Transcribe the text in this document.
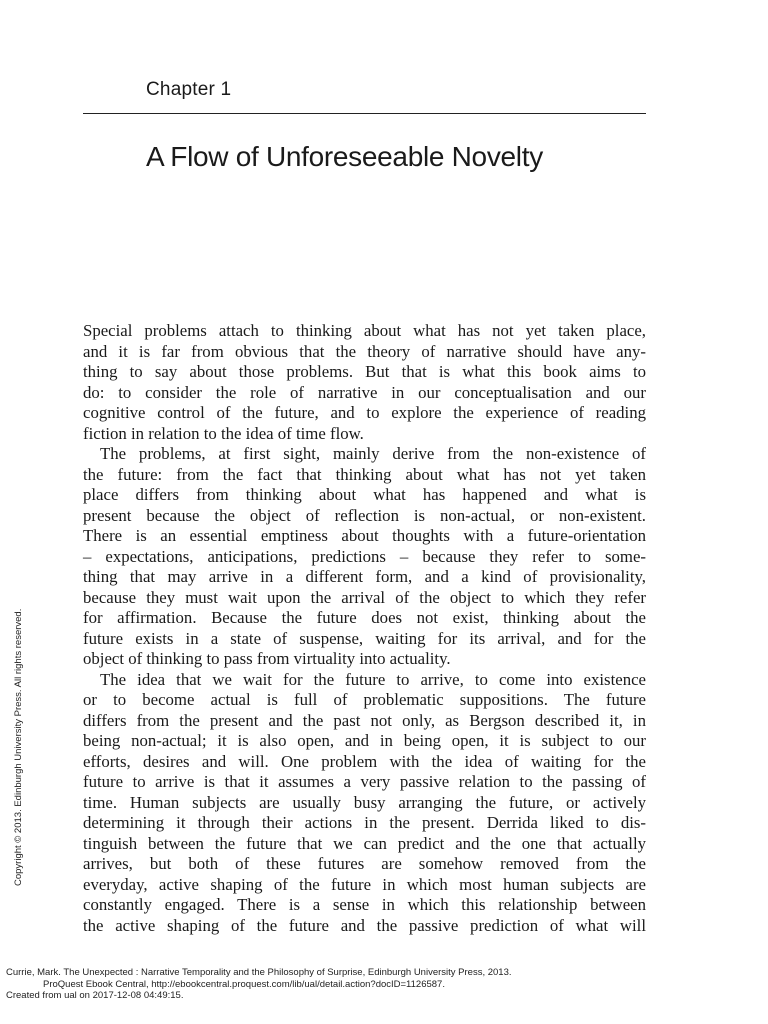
Chapter 1
A Flow of Unforeseeable Novelty

Special problems attach to thinking about what has not yet taken place,
and it is far from obvious that the theory of narrative should have any-
thing to say about those problems. But that is what this book aims to
do: to consider the role of narrative in our conceptualisation and our
cognitive control of the future, and to explore the experience of reading
fiction in relation to the idea of time flow.

The problems, at first sight, mainly derive from the non-existence of
the future: from the fact that thinking about what has not yet taken
place differs from thinking about what has happened and what is
present because the object of reflection is non-actual, or non-existent.
There is an essential emptiness about thoughts with a future-orientation
– expectations, anticipations, predictions – because they refer to some-
thing that may arrive in a different form, and a kind of provisionality,
because they must wait upon the arrival of the object to which they refer
for affirmation. Because the future does not exist, thinking about the
future exists in a state of suspense, waiting for its arrival, and for the
object of thinking to pass from virtuality into actuality.

The idea that we wait for the future to arrive, to come into existence
or to become actual is full of problematic suppositions. The future
differs from the present and the past not only, as Bergson described it, in
being non-actual; it is also open, and in being open, it is subject to our
efforts, desires and will. One problem with the idea of waiting for the
future to arrive is that it assumes a very passive relation to the passing of
time. Human subjects are usually busy arranging the future, or actively
determining it through their actions in the present. Derrida liked to dis-
tinguish between the future that we can predict and the one that actually
arrives, but both of these futures are somehow removed from the
everyday, active shaping of the future in which most human subjects are
constantly engaged. There is a sense in which this relationship between
the active shaping of the future and the passive prediction of what will

Copyright © 2013. Edinburgh University Press. All rights reserved.
Currie, Mark. The Unexpected : Narrative Temporality and the Philosophy of Surprise, Edinburgh University Press, 2013.
ProQuest Ebook Central, http://ebookcentral.proquest.com/lib/ual/detail.action?docID=1126587.
Created from ual on 2017-12-08 04:49:15.
